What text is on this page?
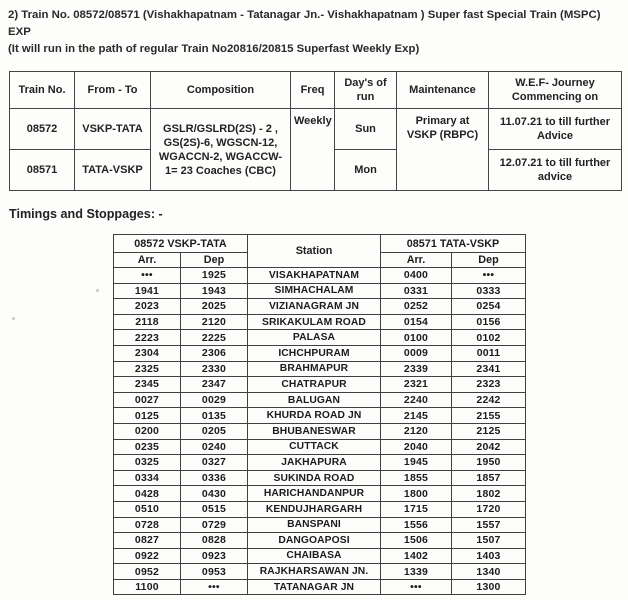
2) Train No. 08572/08571 (Vishakhapatnam - Tatanagar Jn.- Vishakhapatnam ) Super fast Special Train (MSPC) EXP
(It will run in the path of regular Train No20816/20815 Superfast Weekly Exp)
Train No.	From - To	Composition	Freq	Day's of run	Maintenance	W.E.F- Journey Commencing on
08572	VSKP-TATA	GSLR/GSLRD(2S) - 2 , GS(2S)-6, WGSCN-12, WGACCN-2, WGACCW-1= 23 Coaches (CBC)	Weekly	Sun	Primary at VSKP (RBPC)	11.07.21 to till further Advice
08571	TATA-VSKP			Mon		12.07.21 to till further advice
Timings and Stoppages: -
08572 VSKP-TATA		Station	08571 TATA-VSKP	
Arr.	Dep		Arr.	Dep
•••	1925	VISAKHAPATNAM	0400	•••
1941	1943	SIMHACHALAM	0331	0333
2023	2025	VIZIANAGRAM JN	0252	0254
2118	2120	SRIKAKULAM ROAD	0154	0156
2223	2225	PALASA	0100	0102
2304	2306	ICHCHPURAM	0009	0011
2325	2330	BRAHMAPUR	2339	2341
2345	2347	CHATRAPUR	2321	2323
0027	0029	BALUGAN	2240	2242
0125	0135	KHURDA ROAD JN	2145	2155
0200	0205	BHUBANESWAR	2120	2125
0235	0240	CUTTACK	2040	2042
0325	0327	JAKHAPURA	1945	1950
0334	0336	SUKINDA ROAD	1855	1857
0428	0430	HARICHANDANPUR	1800	1802
0510	0515	KENDUJHARGARH	1715	1720
0728	0729	BANSPANI	1556	1557
0827	0828	DANGOAPOSI	1506	1507
0922	0923	CHAIBASA	1402	1403
0952	0953	RAJKHARSAWAN JN.	1339	1340
1100	•••	TATANAGAR JN	•••	1300
